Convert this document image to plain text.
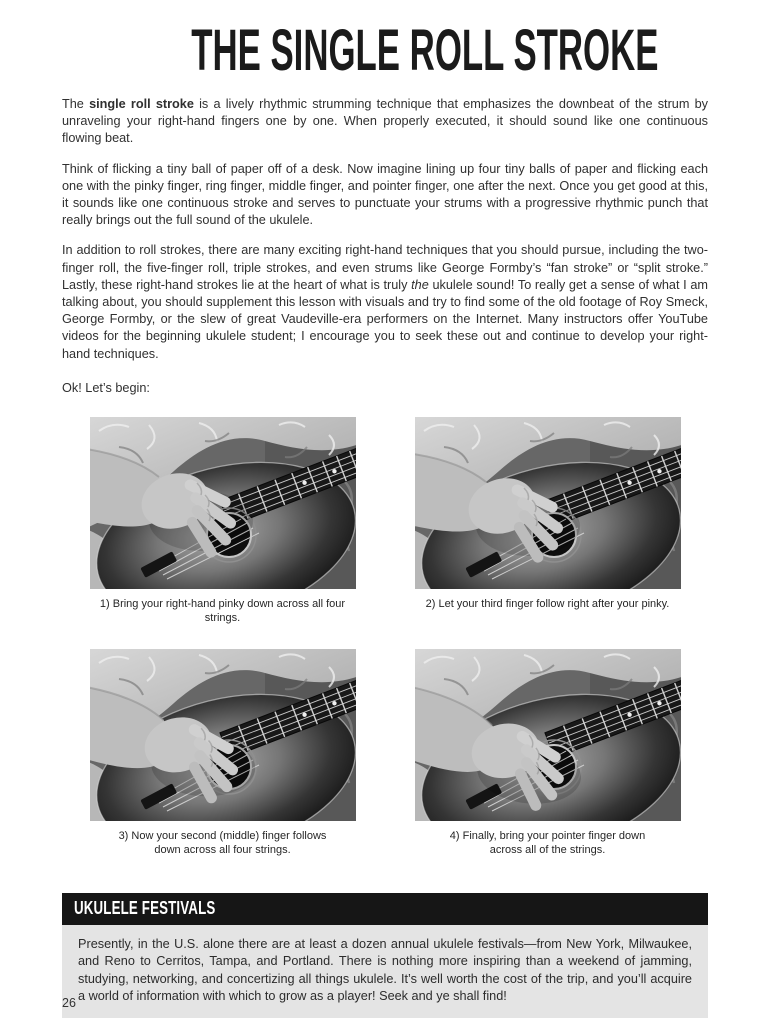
THE SINGLE ROLL STROKE

The single roll stroke is a lively rhythmic strumming technique that emphasizes the downbeat of the strum by unraveling your right-hand fingers one by one. When properly executed, it should sound like one continuous flowing beat.

Think of flicking a tiny ball of paper off of a desk. Now imagine lining up four tiny balls of paper and flicking each one with the pinky finger, ring finger, middle finger, and pointer finger, one after the next. Once you get good at this, it sounds like one continuous stroke and serves to punctuate your strums with a progressive rhythmic punch that really brings out the full sound of the ukulele.

In addition to roll strokes, there are many exciting right-hand techniques that you should pursue, including the two-finger roll, the five-finger roll, triple strokes, and even strums like George Formby’s “fan stroke” or “split stroke.” Lastly, these right-hand strokes lie at the heart of what is truly the ukulele sound! To really get a sense of what I am talking about, you should supplement this lesson with visuals and try to find some of the old footage of Roy Smeck, George Formby, or the slew of great Vaudeville-era performers on the Internet. Many instructors offer YouTube videos for the beginning ukulele student; I encourage you to seek these out and continue to develop your right-hand techniques.

Ok! Let’s begin:

1) Bring your right-hand pinky down across all four strings.
2) Let your third finger follow right after your pinky.
3) Now your second (middle) finger follows
down across all four strings.
4) Finally, bring your pointer finger down
across all of the strings.
UKULELE FESTIVALS
Presently, in the U.S. alone there are at least a dozen annual ukulele festivals—from New York, Milwaukee, and Reno to Cerritos, Tampa, and Portland. There is nothing more inspiring than a weekend of jamming, studying, networking, and concertizing all things ukulele. It’s well worth the cost of the trip, and you’ll acquire a world of information with which to grow as a player! Seek and ye shall find!
26
